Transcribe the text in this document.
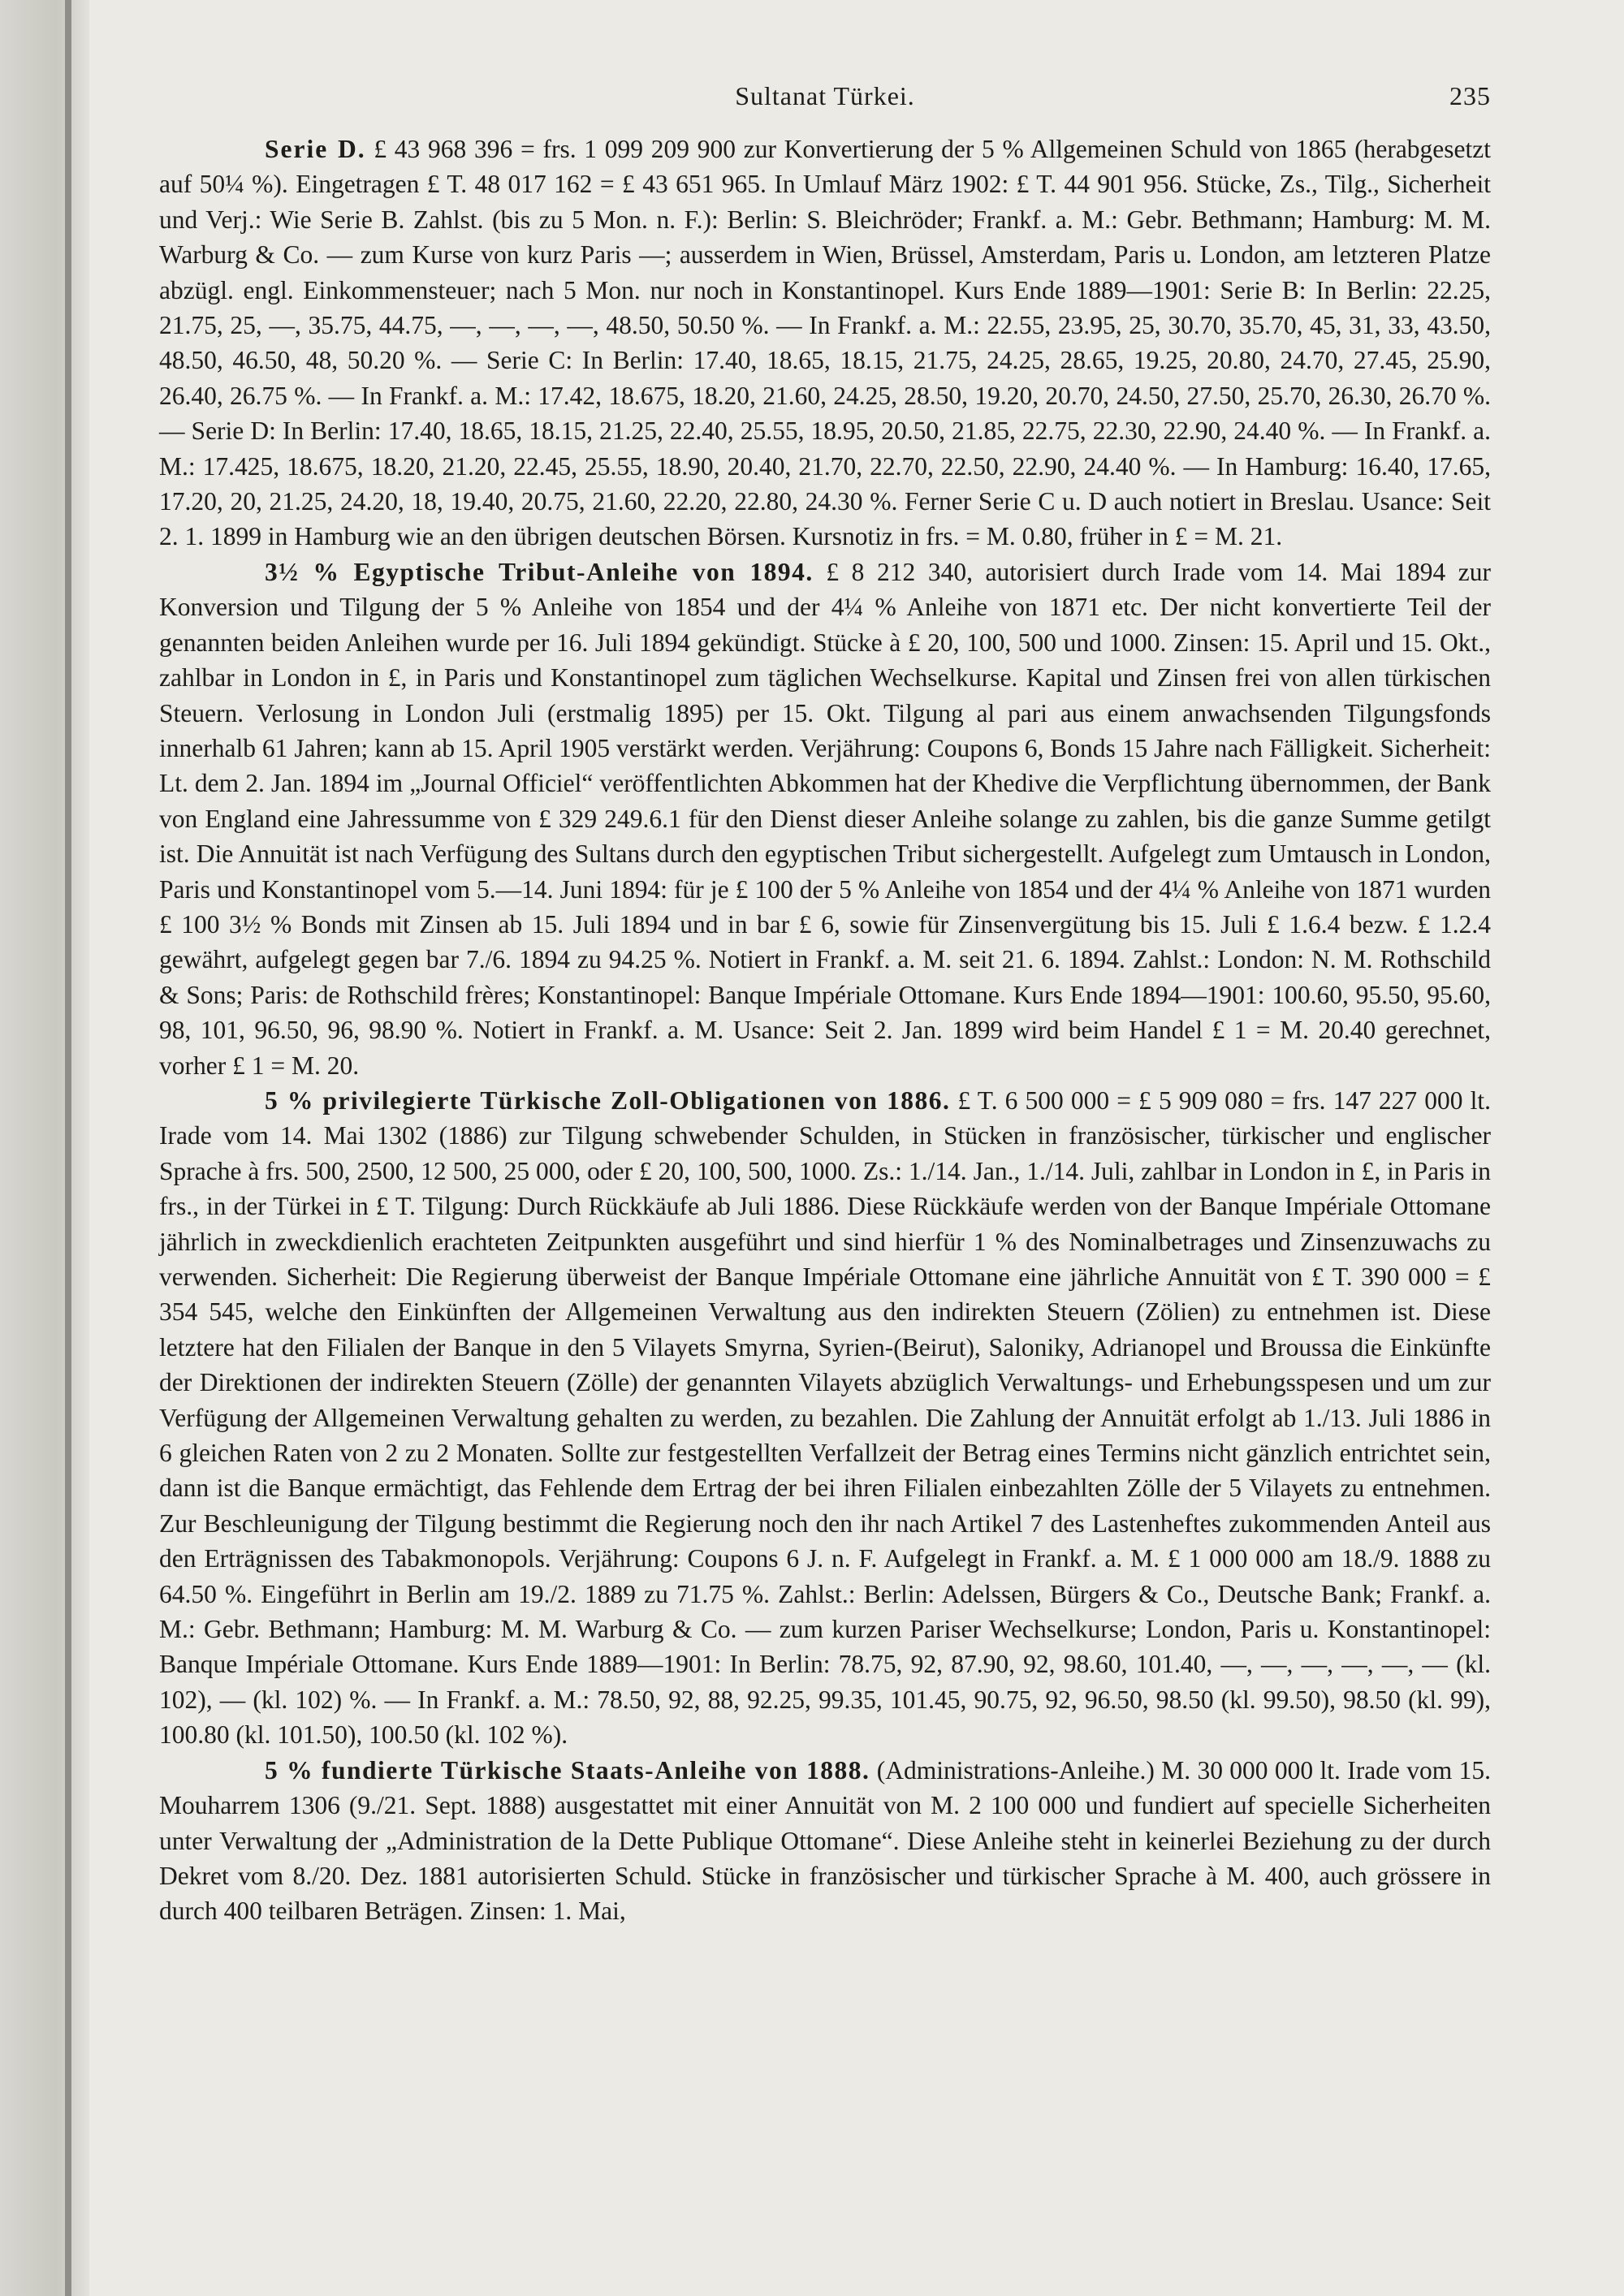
Sultanat Türkei.	235

Serie D. £ 43 968 396 = frs. 1 099 209 900 zur Konvertierung der 5 % Allgemeinen Schuld von 1865 (herabgesetzt auf 50¼ %). Eingetragen £ T. 48 017 162 = £ 43 651 965. In Umlauf März 1902: £ T. 44 901 956. Stücke, Zs., Tilg., Sicherheit und Verj.: Wie Serie B. Zahlst. (bis zu 5 Mon. n. F.): Berlin: S. Bleichröder; Frankf. a. M.: Gebr. Bethmann; Hamburg: M. M. Warburg & Co. — zum Kurse von kurz Paris —; ausserdem in Wien, Brüssel, Amsterdam, Paris u. London, am letzteren Platze abzügl. engl. Einkommensteuer; nach 5 Mon. nur noch in Konstantinopel. Kurs Ende 1889—1901: Serie B: In Berlin: 22.25, 21.75, 25, —, 35.75, 44.75, —, —, —, —, 48.50, 50.50 %. — In Frankf. a. M.: 22.55, 23.95, 25, 30.70, 35.70, 45, 31, 33, 43.50, 48.50, 46.50, 48, 50.20 %. — Serie C: In Berlin: 17.40, 18.65, 18.15, 21.75, 24.25, 28.65, 19.25, 20.80, 24.70, 27.45, 25.90, 26.40, 26.75 %. — In Frankf. a. M.: 17.42, 18.675, 18.20, 21.60, 24.25, 28.50, 19.20, 20.70, 24.50, 27.50, 25.70, 26.30, 26.70 %. — Serie D: In Berlin: 17.40, 18.65, 18.15, 21.25, 22.40, 25.55, 18.95, 20.50, 21.85, 22.75, 22.30, 22.90, 24.40 %. — In Frankf. a. M.: 17.425, 18.675, 18.20, 21.20, 22.45, 25.55, 18.90, 20.40, 21.70, 22.70, 22.50, 22.90, 24.40 %. — In Hamburg: 16.40, 17.65, 17.20, 20, 21.25, 24.20, 18, 19.40, 20.75, 21.60, 22.20, 22.80, 24.30 %. Ferner Serie C u. D auch notiert in Breslau. Usance: Seit 2. 1. 1899 in Hamburg wie an den übrigen deutschen Börsen. Kursnotiz in frs. = M. 0.80, früher in £ = M. 21.

3½ % Egyptische Tribut-Anleihe von 1894. £ 8 212 340, autorisiert durch Irade vom 14. Mai 1894 zur Konversion und Tilgung der 5 % Anleihe von 1854 und der 4¼ % Anleihe von 1871 etc. Der nicht konvertierte Teil der genannten beiden Anleihen wurde per 16. Juli 1894 gekündigt. Stücke à £ 20, 100, 500 und 1000. Zinsen: 15. April und 15. Okt., zahlbar in London in £, in Paris und Konstantinopel zum täglichen Wechselkurse. Kapital und Zinsen frei von allen türkischen Steuern. Verlosung in London Juli (erstmalig 1895) per 15. Okt. Tilgung al pari aus einem anwachsenden Tilgungsfonds innerhalb 61 Jahren; kann ab 15. April 1905 verstärkt werden. Verjährung: Coupons 6, Bonds 15 Jahre nach Fälligkeit. Sicherheit: Lt. dem 2. Jan. 1894 im „Journal Officiel“ veröffentlichten Abkommen hat der Khedive die Verpflichtung übernommen, der Bank von England eine Jahressumme von £ 329 249.6.1 für den Dienst dieser Anleihe solange zu zahlen, bis die ganze Summe getilgt ist. Die Annuität ist nach Verfügung des Sultans durch den egyptischen Tribut sichergestellt. Aufgelegt zum Umtausch in London, Paris und Konstantinopel vom 5.—14. Juni 1894: für je £ 100 der 5 % Anleihe von 1854 und der 4¼ % Anleihe von 1871 wurden £ 100 3½ % Bonds mit Zinsen ab 15. Juli 1894 und in bar £ 6, sowie für Zinsenvergütung bis 15. Juli £ 1.6.4 bezw. £ 1.2.4 gewährt, aufgelegt gegen bar 7./6. 1894 zu 94.25 %. Notiert in Frankf. a. M. seit 21. 6. 1894. Zahlst.: London: N. M. Rothschild & Sons; Paris: de Rothschild frères; Konstantinopel: Banque Impériale Ottomane. Kurs Ende 1894—1901: 100.60, 95.50, 95.60, 98, 101, 96.50, 96, 98.90 %. Notiert in Frankf. a. M. Usance: Seit 2. Jan. 1899 wird beim Handel £ 1 = M. 20.40 gerechnet, vorher £ 1 = M. 20.

5 % privilegierte Türkische Zoll-Obligationen von 1886. £ T. 6 500 000 = £ 5 909 080 = frs. 147 227 000 lt. Irade vom 14. Mai 1302 (1886) zur Tilgung schwebender Schulden, in Stücken in französischer, türkischer und englischer Sprache à frs. 500, 2500, 12 500, 25 000, oder £ 20, 100, 500, 1000. Zs.: 1./14. Jan., 1./14. Juli, zahlbar in London in £, in Paris in frs., in der Türkei in £ T. Tilgung: Durch Rückkäufe ab Juli 1886. Diese Rückkäufe werden von der Banque Impériale Ottomane jährlich in zweckdienlich erachteten Zeitpunkten ausgeführt und sind hierfür 1 % des Nominalbetrages und Zinsenzuwachs zu verwenden. Sicherheit: Die Regierung überweist der Banque Impériale Ottomane eine jährliche Annuität von £ T. 390 000 = £ 354 545, welche den Einkünften der Allgemeinen Verwaltung aus den indirekten Steuern (Zölien) zu entnehmen ist. Diese letztere hat den Filialen der Banque in den 5 Vilayets Smyrna, Syrien-(Beirut), Saloniky, Adrianopel und Broussa die Einkünfte der Direktionen der indirekten Steuern (Zölle) der genannten Vilayets abzüglich Verwaltungs- und Erhebungsspesen und um zur Verfügung der Allgemeinen Verwaltung gehalten zu werden, zu bezahlen. Die Zahlung der Annuität erfolgt ab 1./13. Juli 1886 in 6 gleichen Raten von 2 zu 2 Monaten. Sollte zur festgestellten Verfallzeit der Betrag eines Termins nicht gänzlich entrichtet sein, dann ist die Banque ermächtigt, das Fehlende dem Ertrag der bei ihren Filialen einbezahlten Zölle der 5 Vilayets zu entnehmen. Zur Beschleunigung der Tilgung bestimmt die Regierung noch den ihr nach Artikel 7 des Lastenheftes zukommenden Anteil aus den Erträgnissen des Tabakmonopols. Verjährung: Coupons 6 J. n. F. Aufgelegt in Frankf. a. M. £ 1 000 000 am 18./9. 1888 zu 64.50 %. Eingeführt in Berlin am 19./2. 1889 zu 71.75 %. Zahlst.: Berlin: Adelssen, Bürgers & Co., Deutsche Bank; Frankf. a. M.: Gebr. Bethmann; Hamburg: M. M. Warburg & Co. — zum kurzen Pariser Wechselkurse; London, Paris u. Konstantinopel: Banque Impériale Ottomane. Kurs Ende 1889—1901: In Berlin: 78.75, 92, 87.90, 92, 98.60, 101.40, —, —, —, —, —, — (kl. 102), — (kl. 102) %. — In Frankf. a. M.: 78.50, 92, 88, 92.25, 99.35, 101.45, 90.75, 92, 96.50, 98.50 (kl. 99.50), 98.50 (kl. 99), 100.80 (kl. 101.50), 100.50 (kl. 102 %).

5 % fundierte Türkische Staats-Anleihe von 1888. (Administrations-Anleihe.) M. 30 000 000 lt. Irade vom 15. Mouharrem 1306 (9./21. Sept. 1888) ausgestattet mit einer Annuität von M. 2 100 000 und fundiert auf specielle Sicherheiten unter Verwaltung der „Administration de la Dette Publique Ottomane“. Diese Anleihe steht in keinerlei Beziehung zu der durch Dekret vom 8./20. Dez. 1881 autorisierten Schuld. Stücke in französischer und türkischer Sprache à M. 400, auch grössere in durch 400 teilbaren Beträgen. Zinsen: 1. Mai,
